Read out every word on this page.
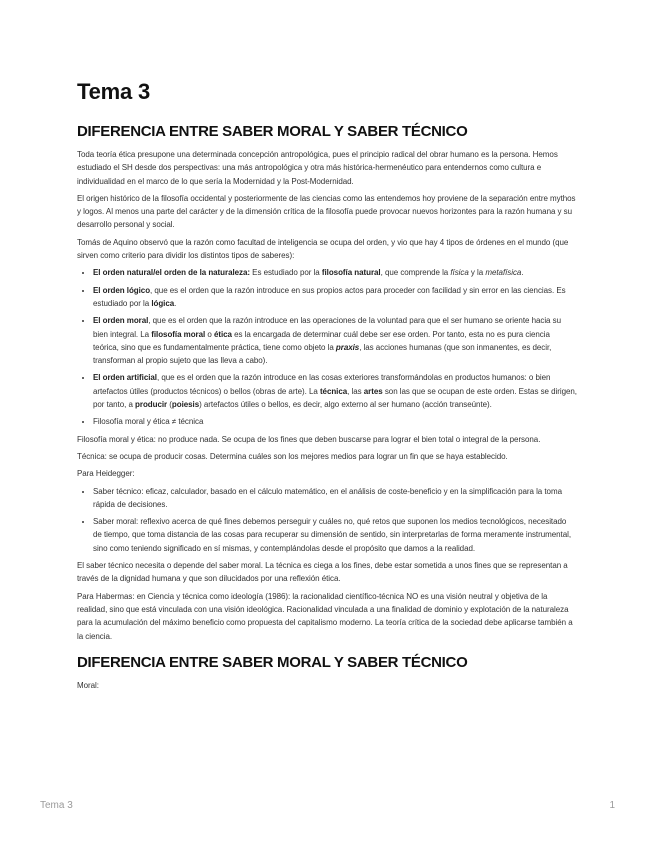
Tema 3
DIFERENCIA ENTRE SABER MORAL Y SABER TÉCNICO

Toda teoría ética presupone una determinada concepción antropológica, pues el principio radical del obrar humano es la persona. Hemos estudiado el SH desde dos perspectivas: una más antropológica y otra más histórica-hermenéutico para entendernos como cultura e individualidad en el marco de lo que sería la Modernidad y la Post-Modernidad.

El origen histórico de la filosofía occidental y posteriormente de las ciencias como las entendemos hoy proviene de la separación entre mythos y logos. Al menos una parte del carácter y de la dimensión crítica de la filosofía puede provocar nuevos horizontes para la razón humana y su desarrollo personal y social.

Tomás de Aquino observó que la razón como facultad de inteligencia se ocupa del orden, y vio que hay 4 tipos de órdenes en el mundo (que sirven como criterio para dividir los distintos tipos de saberes):

• El orden natural/el orden de la naturaleza: Es estudiado por la filosofía natural, que comprende la física y la metafísica.
• El orden lógico, que es el orden que la razón introduce en sus propios actos para proceder con facilidad y sin error en las ciencias. Es estudiado por la lógica.
• El orden moral, que es el orden que la razón introduce en las operaciones de la voluntad para que el ser humano se oriente hacia su bien integral. La filosofía moral o ética es la encargada de determinar cuál debe ser ese orden. Por tanto, esta no es pura ciencia teórica, sino que es fundamentalmente práctica, tiene como objeto la praxis, las acciones humanas (que son inmanentes, es decir, transforman al propio sujeto que las lleva a cabo).
• El orden artificial, que es el orden que la razón introduce en las cosas exteriores transformándolas en productos humanos: o bien artefactos útiles (productos técnicos) o bellos (obras de arte). La técnica, las artes son las que se ocupan de este orden. Estas se dirigen, por tanto, a producir (poiesis) artefactos útiles o bellos, es decir, algo externo al ser humano (acción transeúnte).
• Filosofía moral y ética ≠ técnica

Filosofía moral y ética: no produce nada. Se ocupa de los fines que deben buscarse para lograr el bien total o integral de la persona.

Técnica: se ocupa de producir cosas. Determina cuáles son los mejores medios para lograr un fin que se haya establecido.

Para Heidegger:

• Saber técnico: eficaz, calculador, basado en el cálculo matemático, en el análisis de coste-beneficio y en la simplificación para la toma rápida de decisiones.
• Saber moral: reflexivo acerca de qué fines debemos perseguir y cuáles no, qué retos que suponen los medios tecnológicos, necesitado de tiempo, que toma distancia de las cosas para recuperar su dimensión de sentido, sin interpretarlas de forma meramente instrumental, sino como teniendo significado en sí mismas, y contemplándolas desde el propósito que damos a la realidad.

El saber técnico necesita o depende del saber moral. La técnica es ciega a los fines, debe estar sometida a unos fines que se representan a través de la dignidad humana y que son dilucidados por una reflexión ética.

Para Habermas: en Ciencia y técnica como ideología (1986): la racionalidad científico-técnica NO es una visión neutral y objetiva de la realidad, sino que está vinculada con una visión ideológica. Racionalidad vinculada a una finalidad de dominio y explotación de la naturaleza para la acumulación del máximo beneficio como propuesta del capitalismo moderno. La teoría crítica de la sociedad debe aplicarse también a la ciencia.

DIFERENCIA ENTRE SABER MORAL Y SABER TÉCNICO

Moral:

Tema 3	1
